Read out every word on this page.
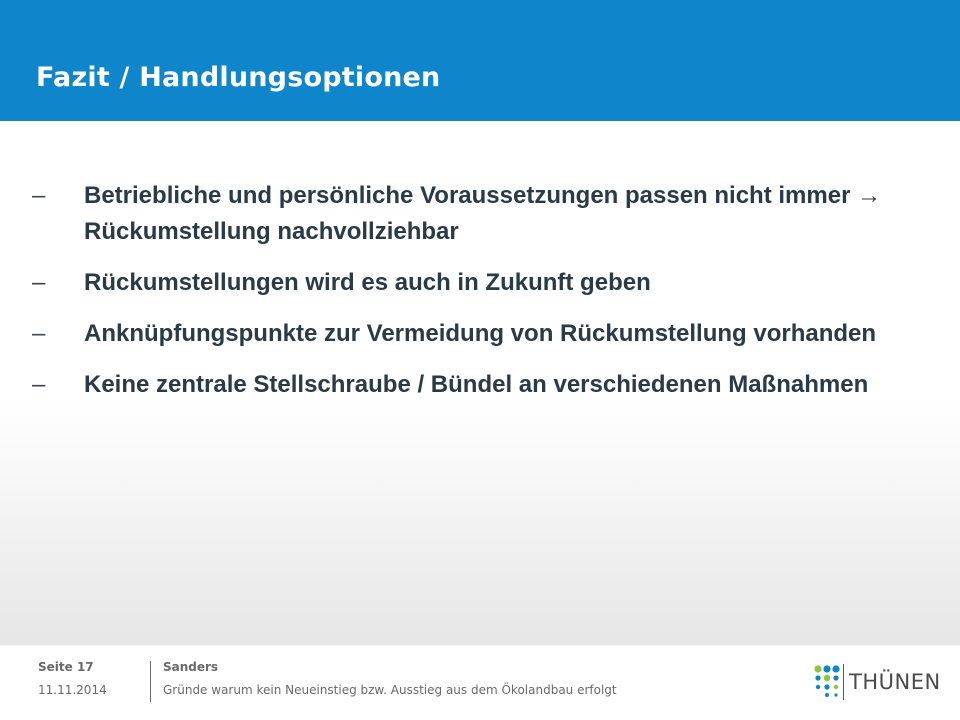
Fazit / Handlungsoptionen
– Betriebliche und persönliche Voraussetzungen passen nicht immer → Rückumstellung nachvollziehbar
– Rückumstellungen wird es auch in Zukunft geben
– Anknüpfungspunkte zur Vermeidung von Rückumstellung vorhanden
– Keine zentrale Stellschraube / Bündel an verschiedenen Maßnahmen
Seite 17
11.11.2014
Sanders
Gründe warum kein Neueinstieg bzw. Ausstieg aus dem Ökolandbau erfolgt	THÜNEN
